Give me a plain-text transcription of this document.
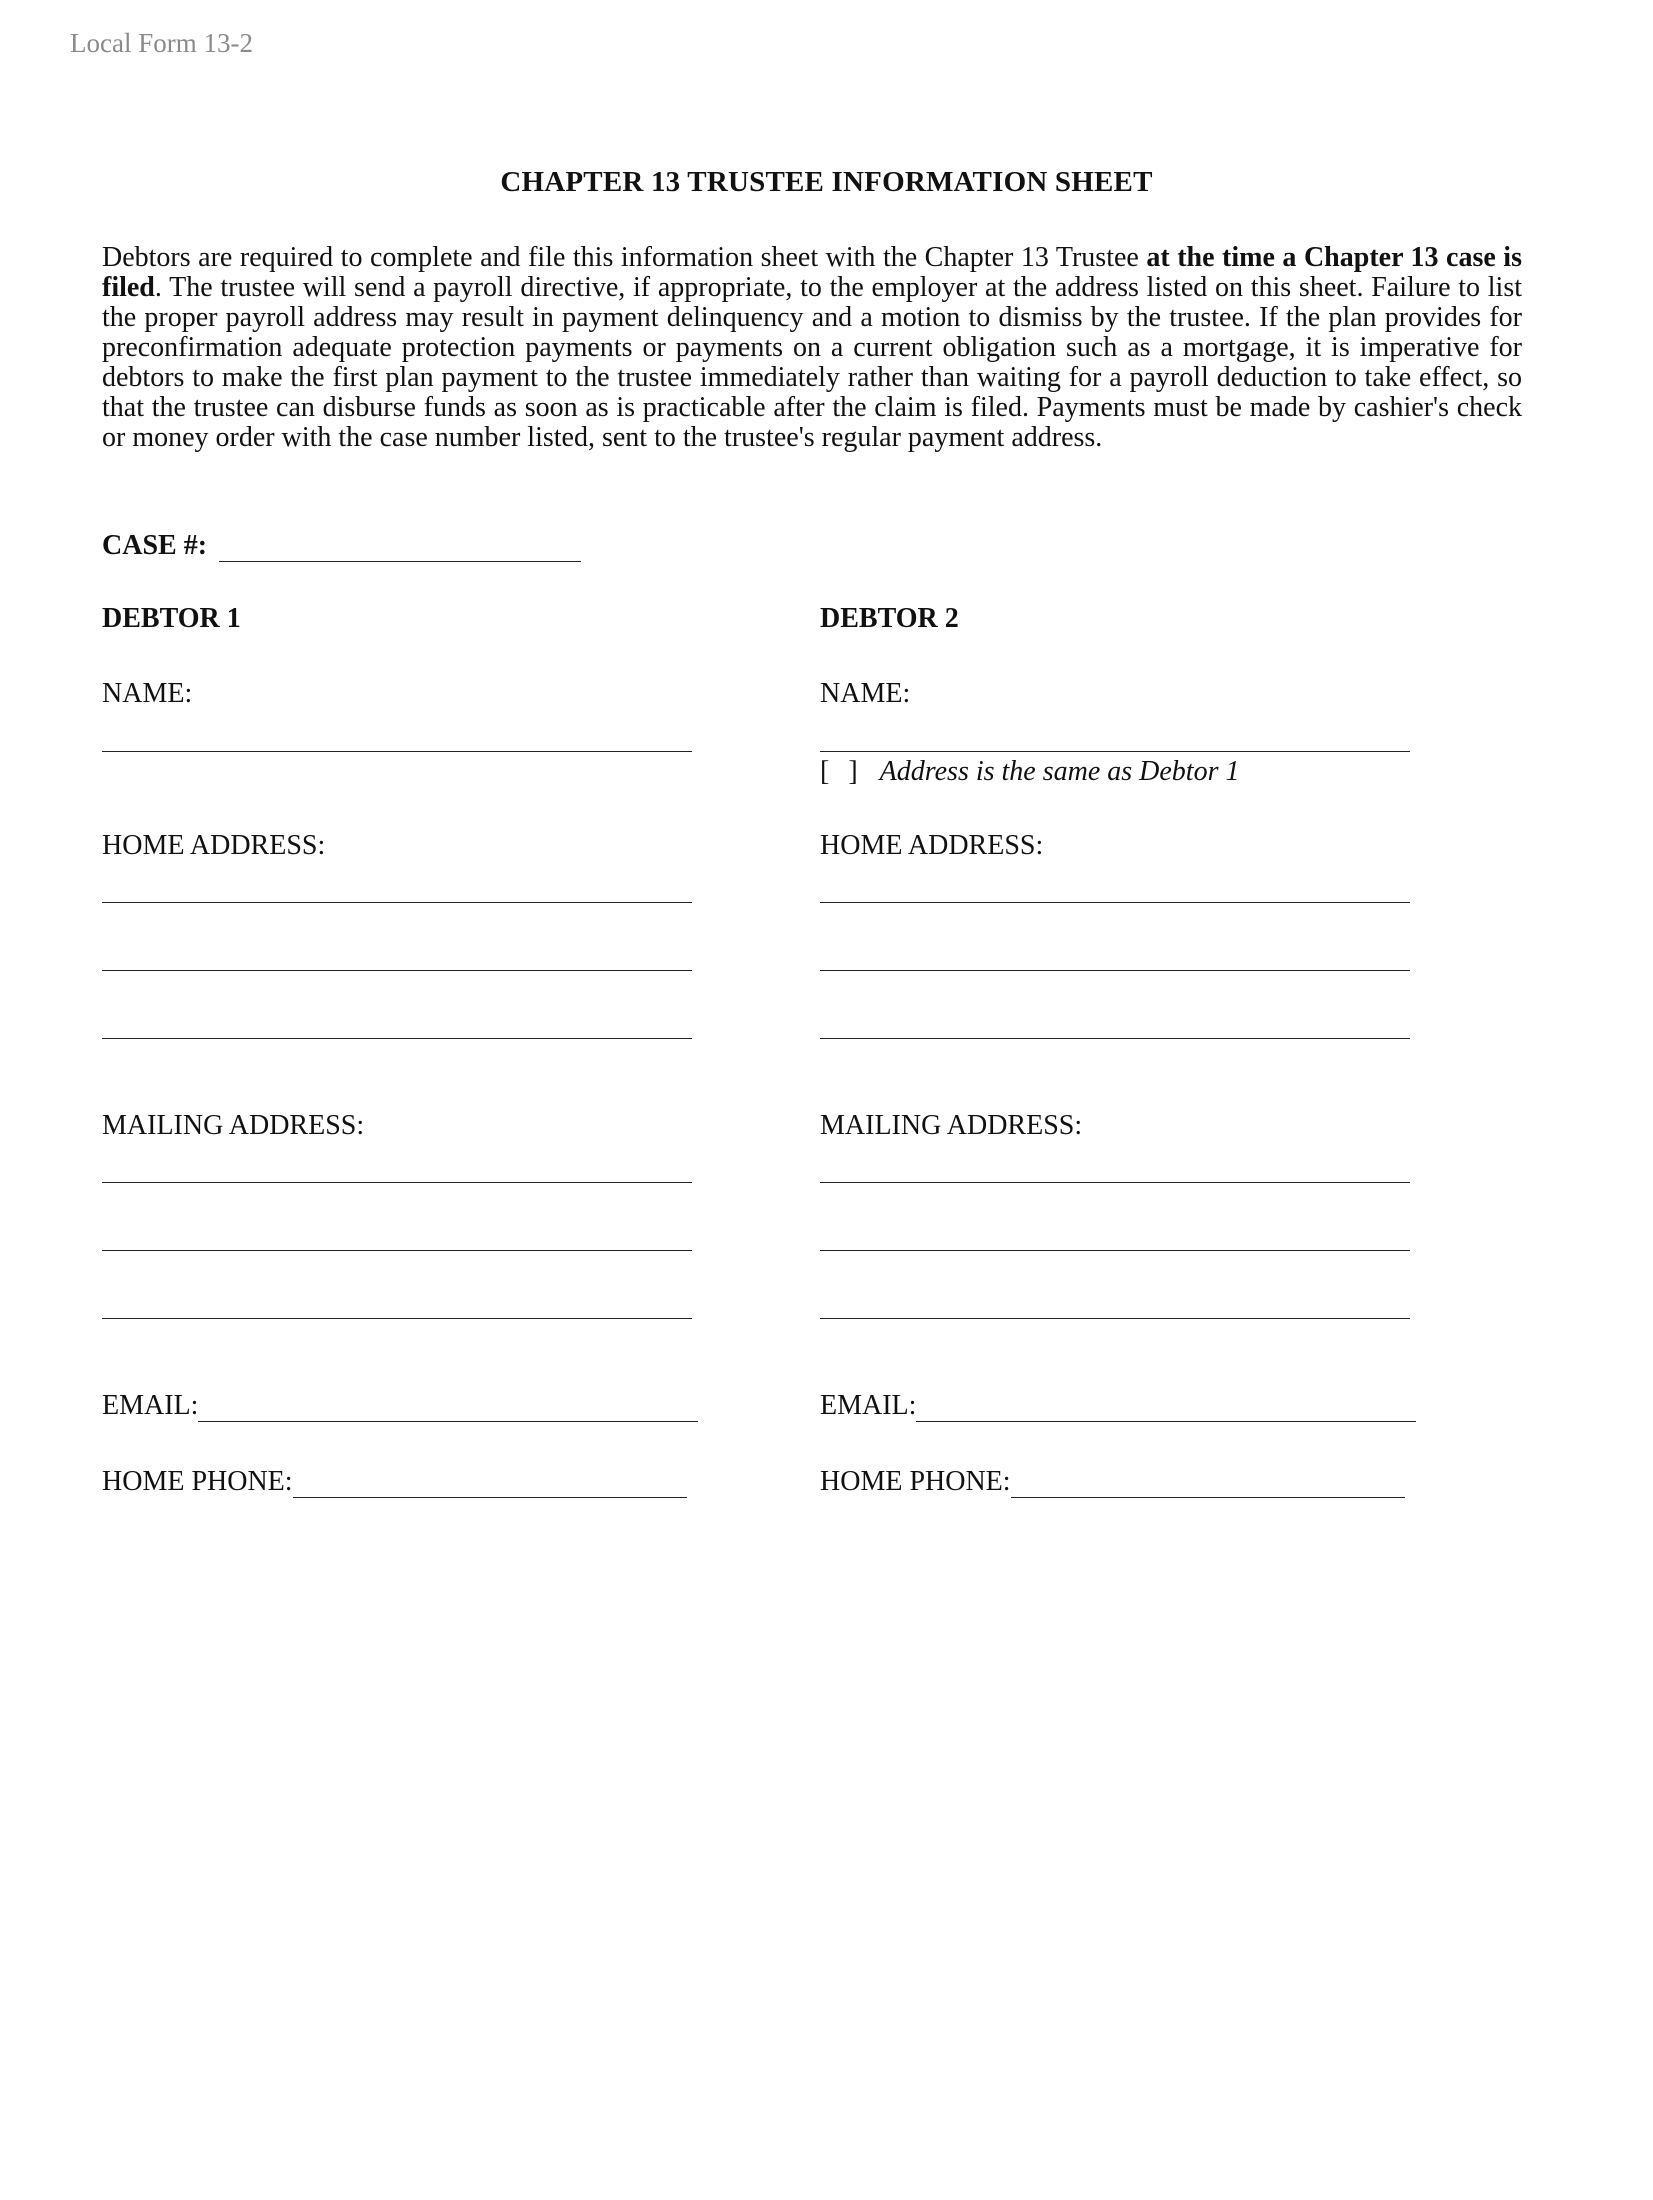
Local Form 13-2
CHAPTER 13 TRUSTEE INFORMATION SHEET

Debtors are required to complete and file this information sheet with the Chapter 13 Trustee at the time a Chapter 13 case is filed. The trustee will send a payroll directive, if appropriate, to the employer at the address listed on this sheet. Failure to list the proper payroll address may result in payment delinquency and a motion to dismiss by the trustee. If the plan provides for preconfirmation adequate protection payments or payments on a current obligation such as a mortgage, it is imperative for debtors to make the first plan payment to the trustee immediately rather than waiting for a payroll deduction to take effect, so that the trustee can disburse funds as soon as is practicable after the claim is filed. Payments must be made by cashier's check or money order with the case number listed, sent to the trustee's regular payment address.

CASE #:
DEBTOR 1
NAME:
HOME ADDRESS:
MAILING ADDRESS:
EMAIL:
HOME PHONE:
DEBTOR 2
NAME:
[ ] Address is the same as Debtor 1
HOME ADDRESS:
MAILING ADDRESS:
EMAIL:
HOME PHONE:
